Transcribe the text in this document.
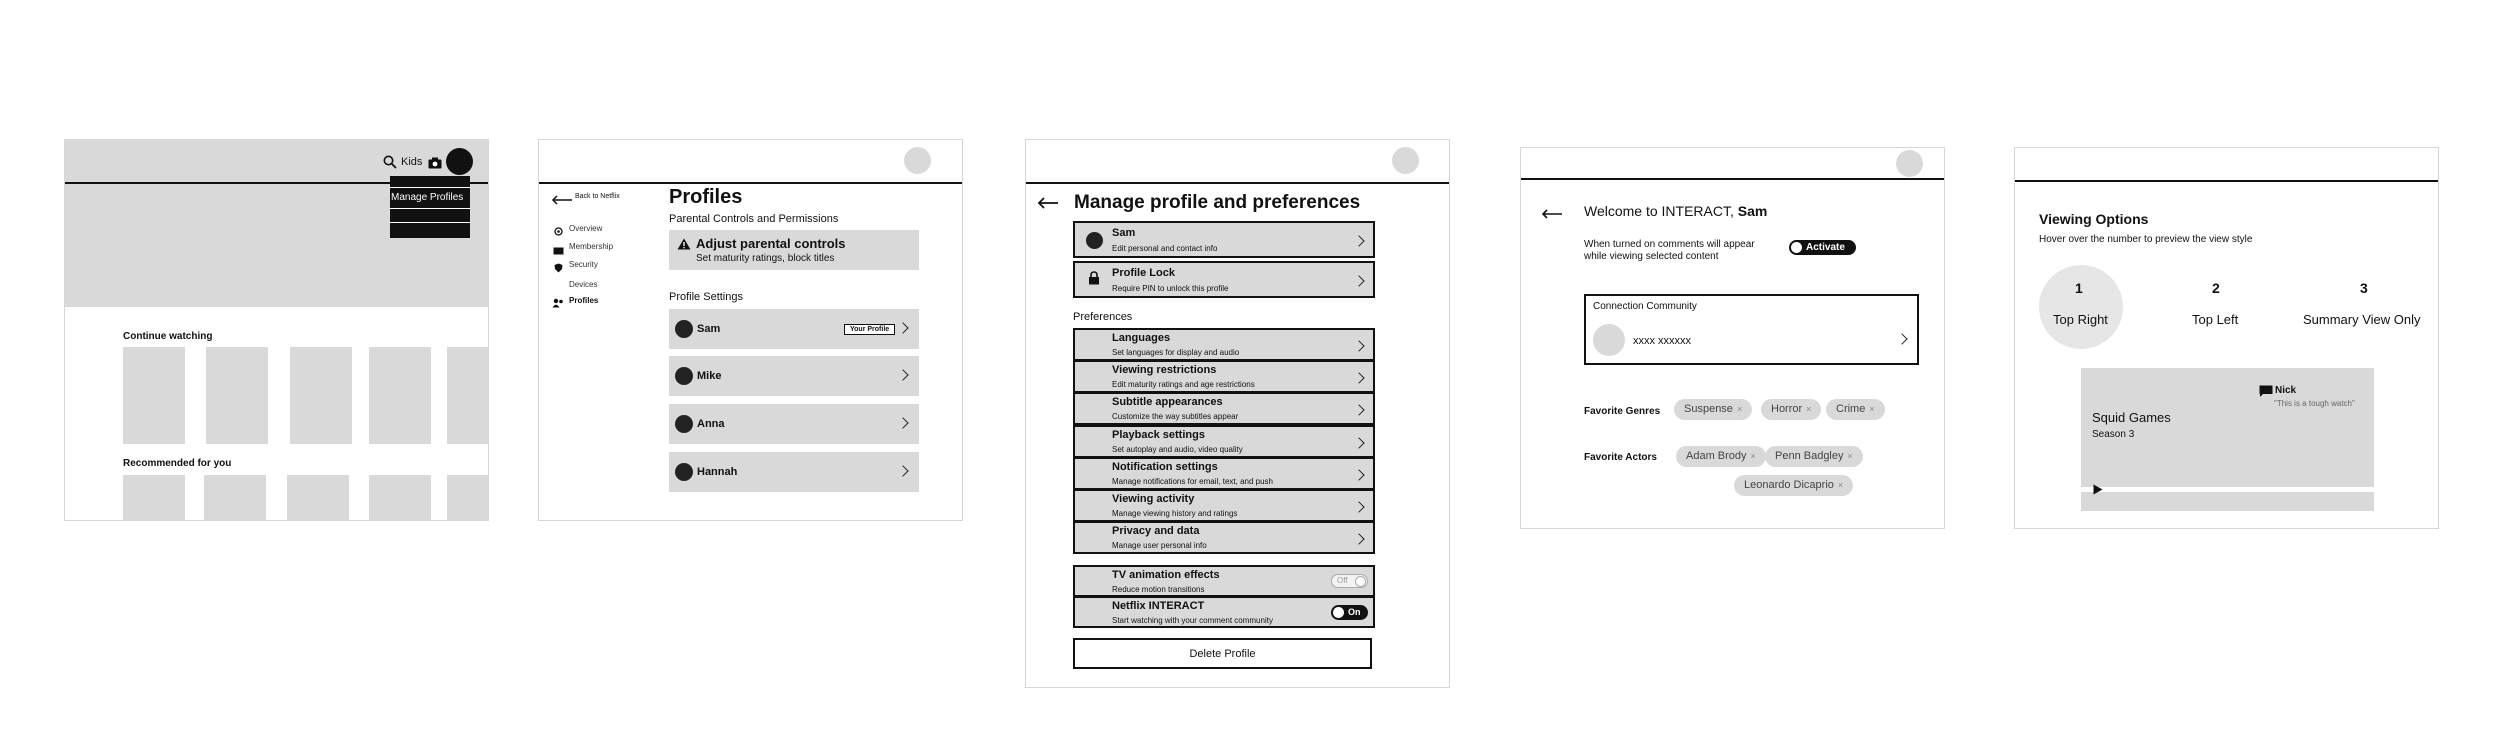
Kids
Manage Profiles
Continue watching
Recommended for you
Back to Netflix
Overview
Membership
Security
Devices
Profiles
Profiles
Parental Controls and Permissions
Adjust parental controls
Set maturity ratings, block titles
Profile Settings
Sam	Your Profile
Mike
Anna
Hannah
Manage profile and preferences
Sam
Edit personal and contact info
Profile Lock
Require PIN to unlock this profile
Preferences
Languages
Set languages for display and audio
Viewing restrictions
Edit maturity ratings and age restrictions
Subtitle appearances
Customize the way subtitles appear
Playback settings
Set autoplay and audio, video quality
Notification settings
Manage notifications for email, text, and push
Viewing activity
Manage viewing history and ratings
Privacy and data
Manage user personal info
TV animation effects
Reduce motion transitions
Off
Netflix INTERACT
Start watching with your comment community
On
Delete Profile
Welcome to INTERACT, Sam
When turned on comments will appear
while viewing selected content
Activate
Connection Community
xxxx xxxxxx
Favorite Genres	Suspense ×	Horror ×	Crime ×
Favorite Actors	Adam Brody ×	Penn Badgley ×
Leonardo Dicaprio ×
Viewing Options
Hover over the number to preview the view style
1
Top Right
2
Top Left
3
Summary View Only
Nick
"This is a tough watch"
Squid Games
Season 3
